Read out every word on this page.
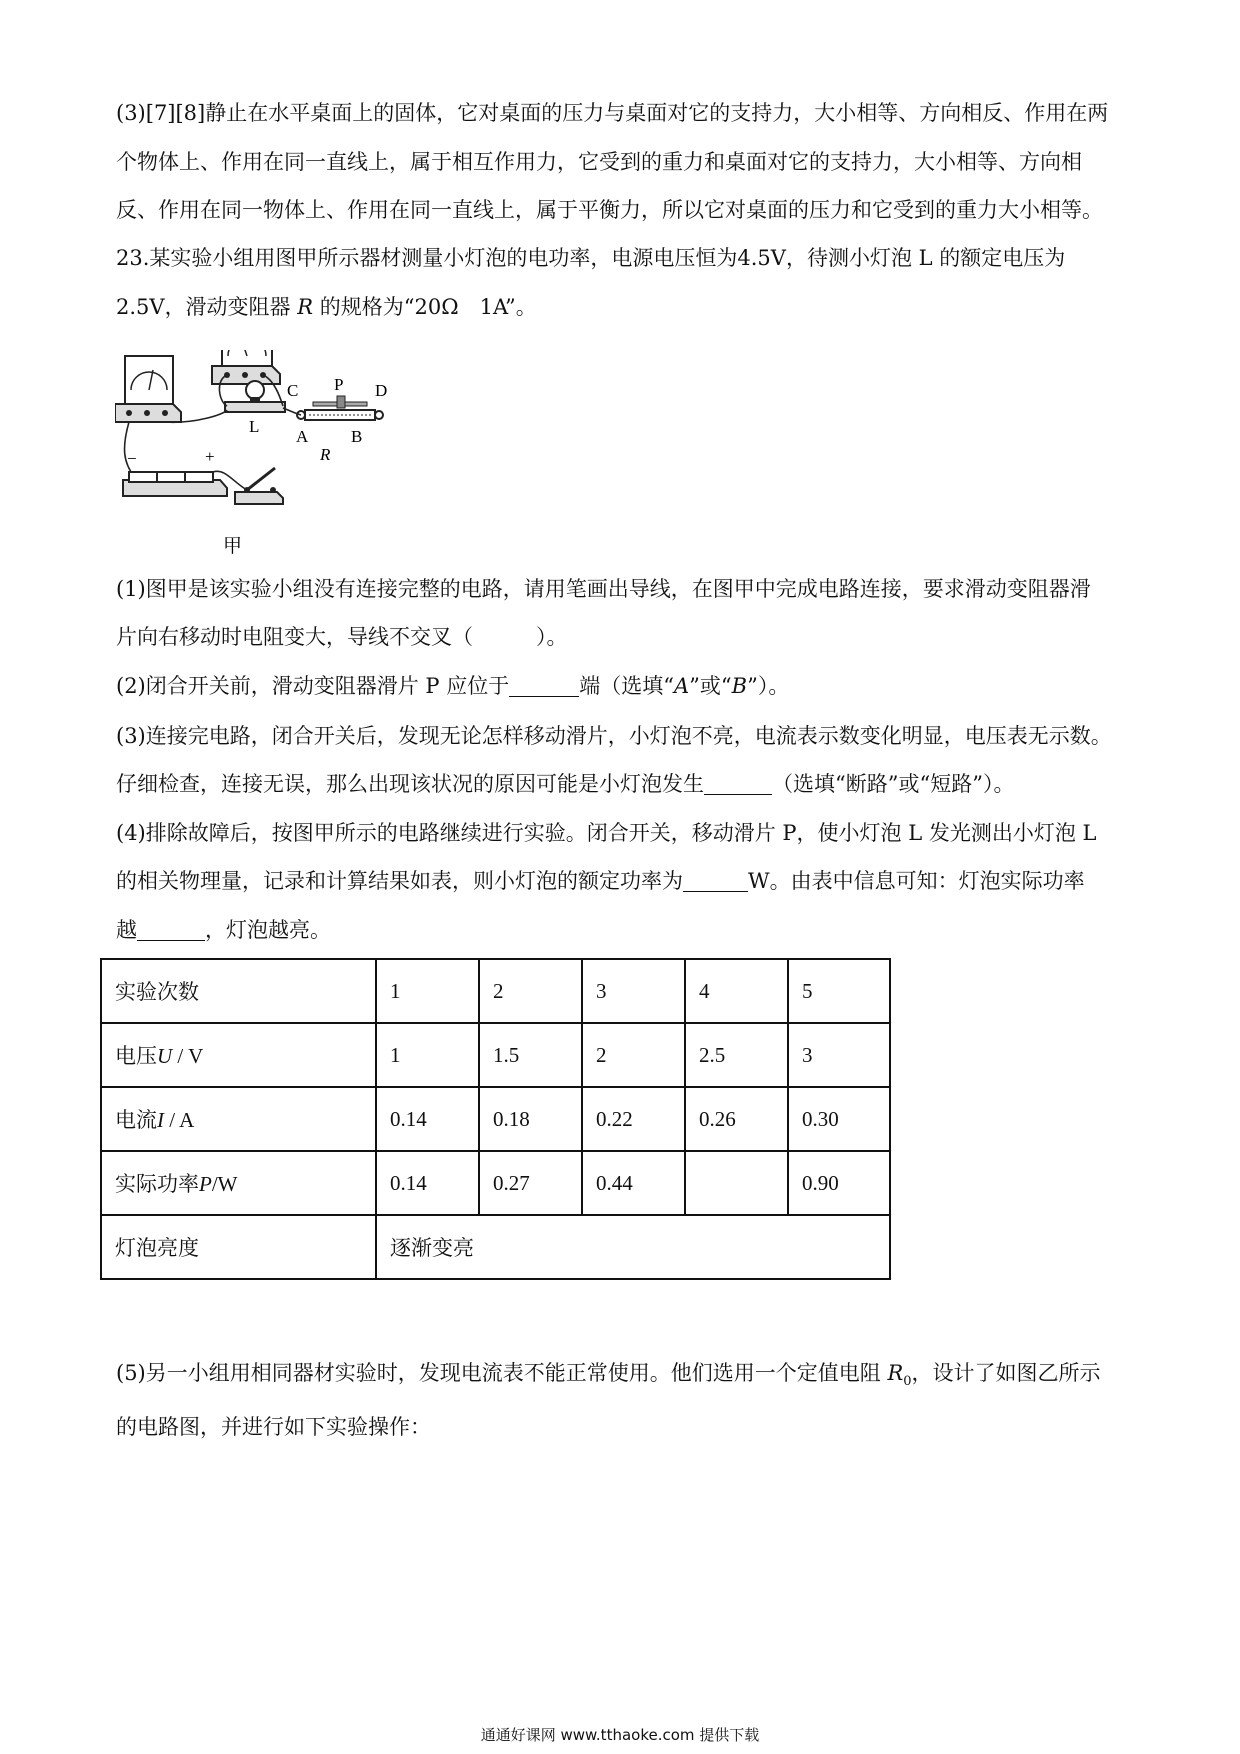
(3)[7][8]静止在水平桌面上的固体，它对桌面的压力与桌面对它的支持力，大小相等、方向相反、作用在两
个物体上、作用在同一直线上，属于相互作用力，它受到的重力和桌面对它的支持力，大小相等、方向相
反、作用在同一物体上、作用在同一直线上，属于平衡力，所以它对桌面的压力和它受到的重力大小相等。
23.某实验小组用图甲所示器材测量小灯泡的电功率，电源电压恒为4.5V，待测小灯泡 L 的额定电压为
2.5V，滑动变阻器 R 的规格为“20Ω　1A”。
L
C P D
A	B
R
−	+
甲
(1)图甲是该实验小组没有连接完整的电路，请用笔画出导线，在图甲中完成电路连接，要求滑动变阻器滑
片向右移动时电阻变大，导线不交叉（　　　）。
(2)闭合开关前，滑动变阻器滑片 P 应位于	端（选填“A”或“B”）。
(3)连接完电路，闭合开关后，发现无论怎样移动滑片，小灯泡不亮，电流表示数变化明显，电压表无示数。
仔细检查，连接无误，那么出现该状况的原因可能是小灯泡发生	（选填“断路”或“短路”）。
(4)排除故障后，按图甲所示的电路继续进行实验。闭合开关，移动滑片 P，使小灯泡 L 发光测出小灯泡 L
的相关物理量，记录和计算结果如表，则小灯泡的额定功率为	W。由表中信息可知：灯泡实际功率
越	，灯泡越亮。
实验次数	1	2	3	4	5
电压U / V	1	1.5	2	2.5	3
电流I / A	0.14	0.18	0.22	0.26	0.30
实际功率P/W	0.14	0.27	0.44		0.90
灯泡亮度	逐渐变亮				
(5)另一小组用相同器材实验时，发现电流表不能正常使用。他们选用一个定值电阻 $R_0$，设计了如图乙所示
的电路图，并进行如下实验操作：
通通好课网 www.tthaoke.com 提供下载
